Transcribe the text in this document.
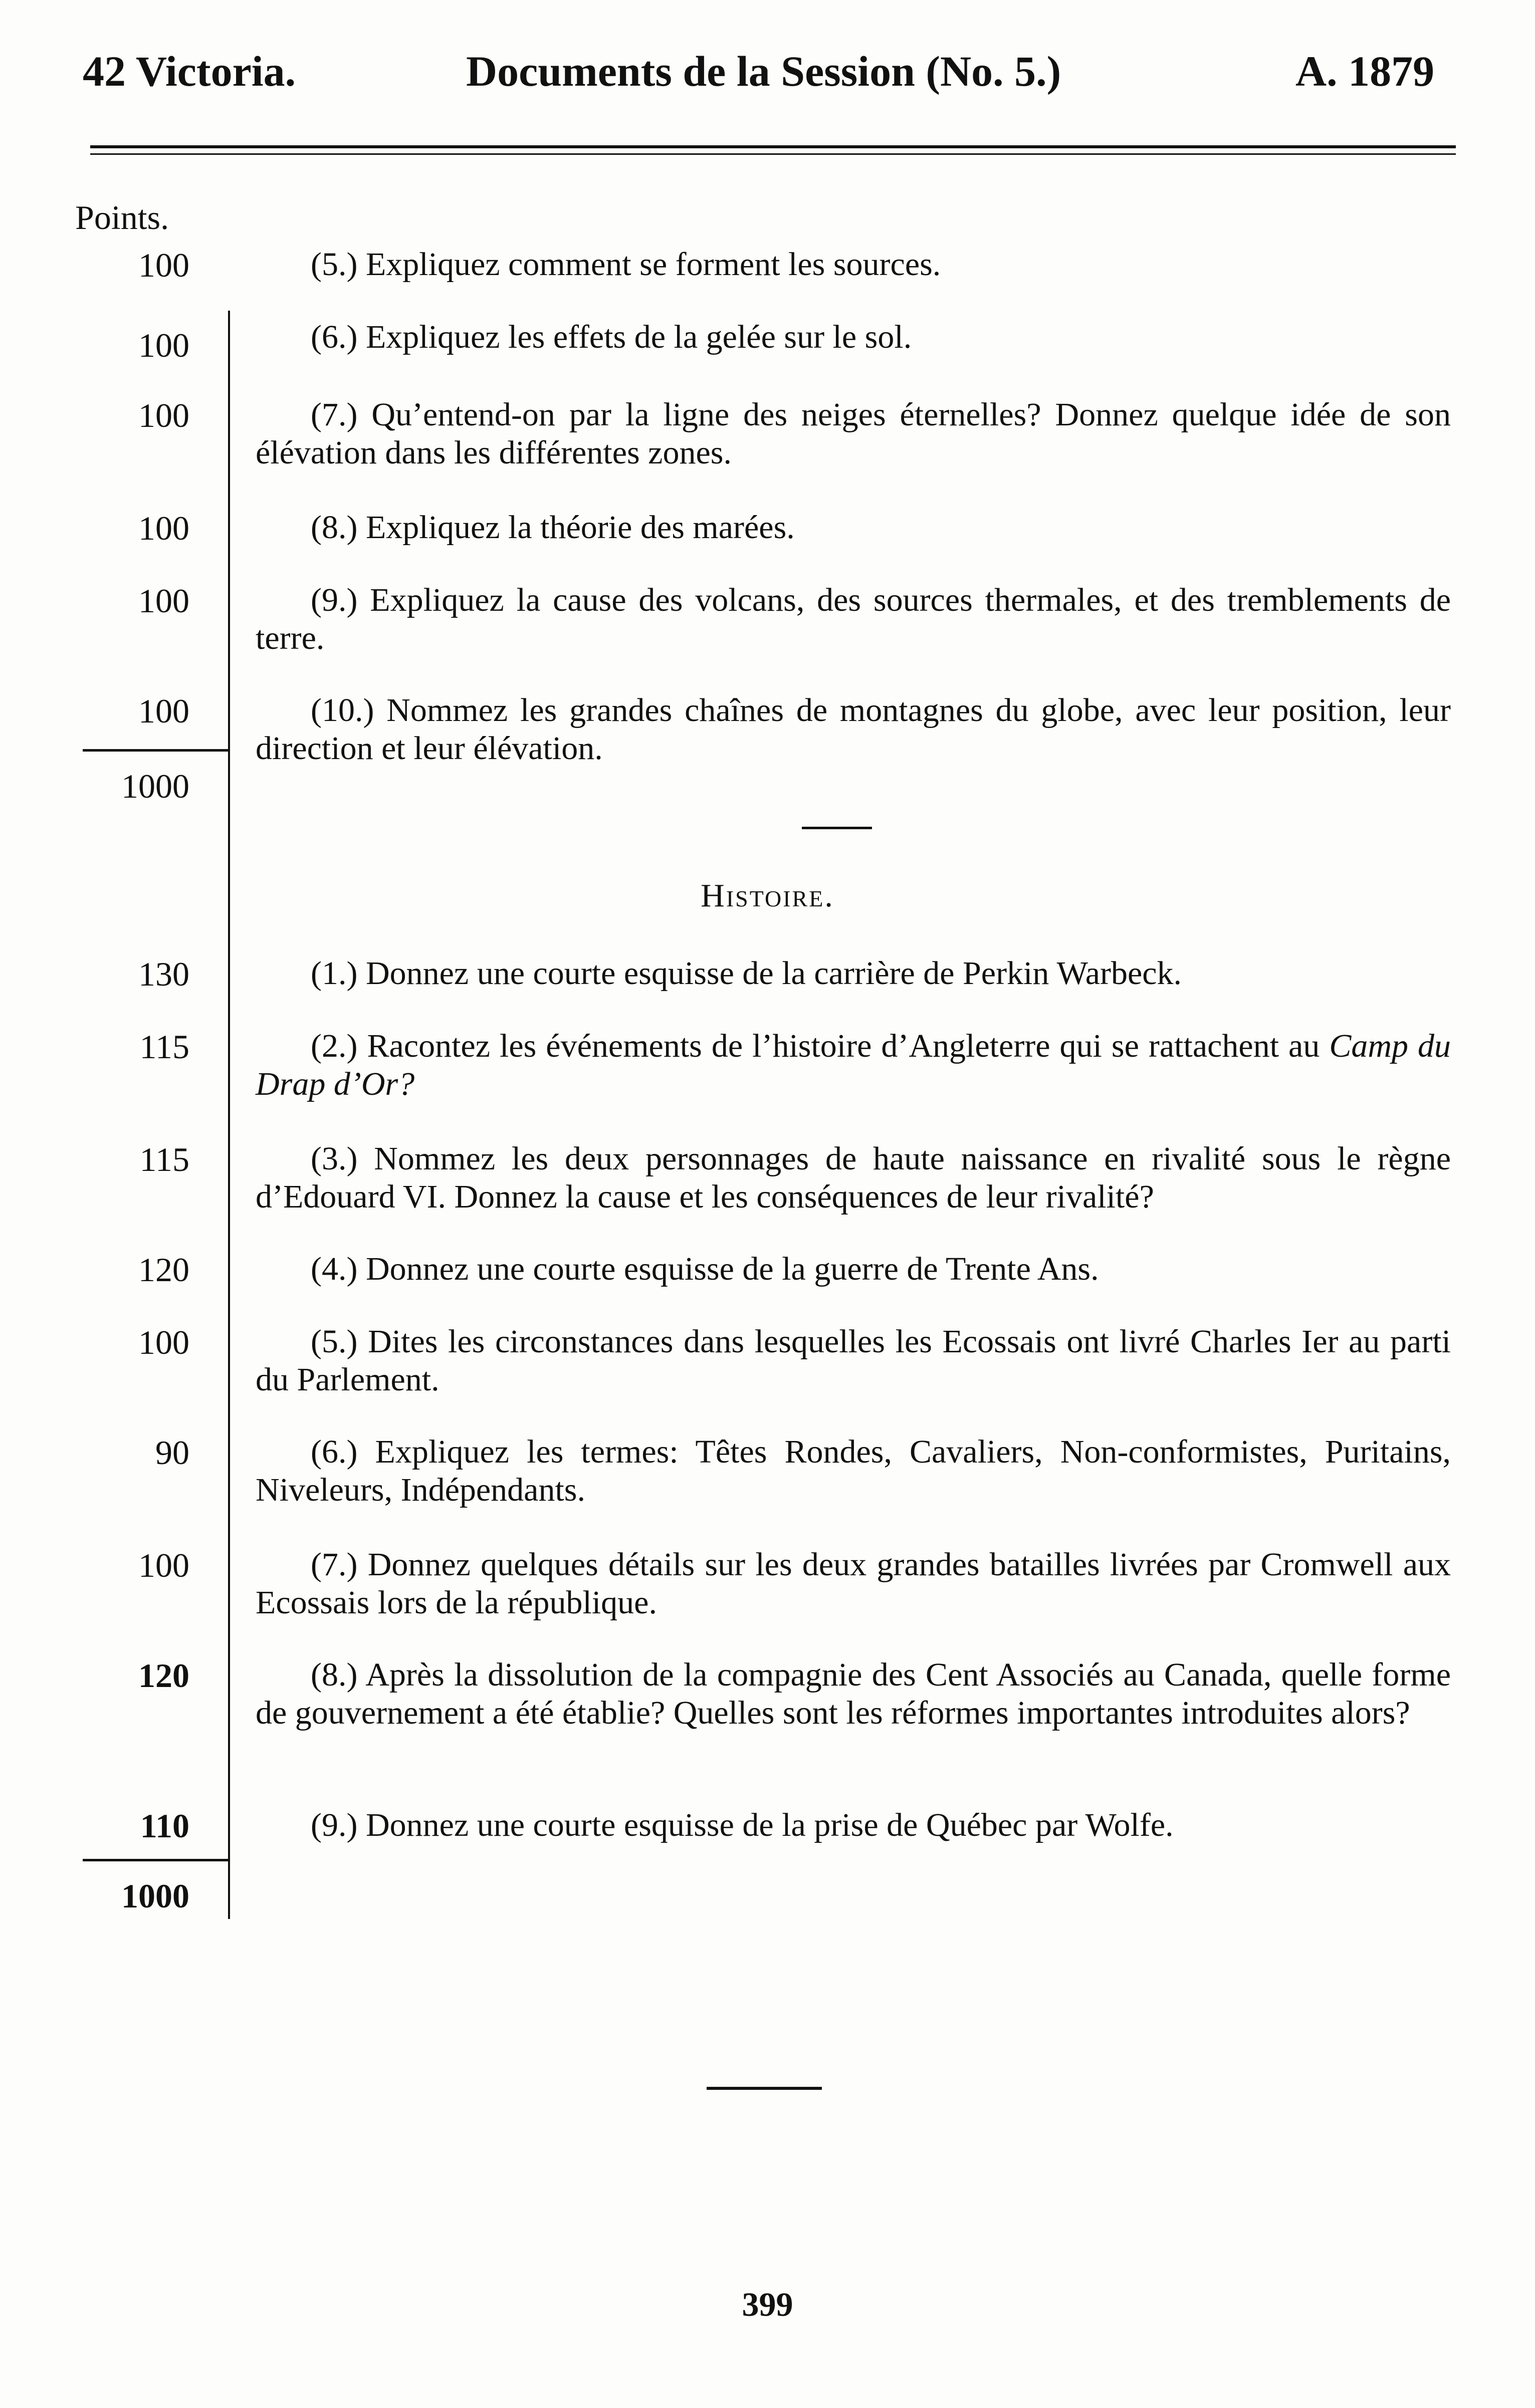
42 Victoria.	Documents de la Session (No. 5.)	A. 1879
Points.
100
100
100
100
100
100
1000
(5.) Expliquez comment se forment les sources.
(6.) Expliquez les effets de la gelée sur le sol.
(7.) Qu’entend-on par la ligne des neiges éternelles? Donnez quelque idée de son élévation dans les différentes zones.
(8.) Expliquez la théorie des marées.
(9.) Expliquez la cause des volcans, des sources thermales, et des tremblements de terre.
(10.) Nommez les grandes chaînes de montagnes du globe, avec leur position, leur direction et leur élévation.
Histoire.
130
115
115
120
100
90
100
120
110
1000
(1.) Donnez une courte esquisse de la carrière de Perkin Warbeck.
(2.) Racontez les événements de l’histoire d’Angleterre qui se rattachent au Camp du Drap d’Or?
(3.) Nommez les deux personnages de haute naissance en rivalité sous le règne d’Edouard VI. Donnez la cause et les conséquences de leur rivalité?
(4.) Donnez une courte esquisse de la guerre de Trente Ans.
(5.) Dites les circonstances dans lesquelles les Ecossais ont livré Charles Ier au parti du Parlement.
(6.) Expliquez les termes: Têtes Rondes, Cavaliers, Non-conformistes, Puritains, Niveleurs, Indépendants.
(7.) Donnez quelques détails sur les deux grandes batailles livrées par Cromwell aux Ecossais lors de la république.
(8.) Après la dissolution de la compagnie des Cent Associés au Canada, quelle forme de gouvernement a été établie? Quelles sont les réformes importantes introduites alors?
(9.) Donnez une courte esquisse de la prise de Québec par Wolfe.
399
